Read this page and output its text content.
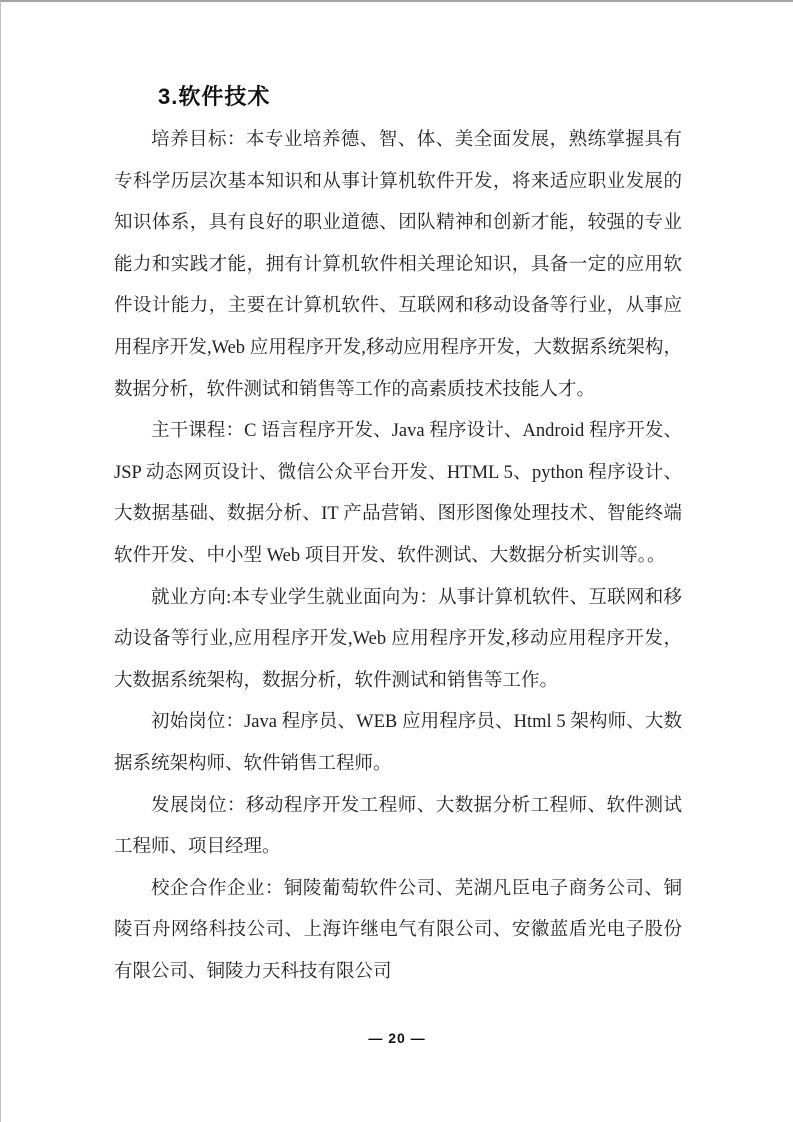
3.软件技术
培养目标：本专业培养德、智、体、美全面发展，熟练掌握具有
专科学历层次基本知识和从事计算机软件开发，将来适应职业发展的
知识体系，具有良好的职业道德、团队精神和创新才能，较强的专业
能力和实践才能，拥有计算机软件相关理论知识，具备一定的应用软
件设计能力，主要在计算机软件、互联网和移动设备等行业，从事应
用程序开发,Web 应用程序开发,移动应用程序开发，大数据系统架构，
数据分析，软件测试和销售等工作的高素质技术技能人才。
主干课程：C 语言程序开发、Java 程序设计、Android 程序开发、
JSP 动态网页设计、微信公众平台开发、HTML 5、python 程序设计、
大数据基础、数据分析、IT 产品营销、图形图像处理技术、智能终端
软件开发、中小型 Web 项目开发、软件测试、大数据分析实训等。。
就业方向:本专业学生就业面向为：从事计算机软件、互联网和移
动设备等行业,应用程序开发,Web 应用程序开发,移动应用程序开发，
大数据系统架构，数据分析，软件测试和销售等工作。
初始岗位：Java 程序员、WEB 应用程序员、Html 5 架构师、大数
据系统架构师、软件销售工程师。
发展岗位：移动程序开发工程师、大数据分析工程师、软件测试
工程师、项目经理。
校企合作企业：铜陵葡萄软件公司、芜湖凡臣电子商务公司、铜
陵百舟网络科技公司、上海许继电气有限公司、安徽蓝盾光电子股份
有限公司、铜陵力天科技有限公司
— 20 —
